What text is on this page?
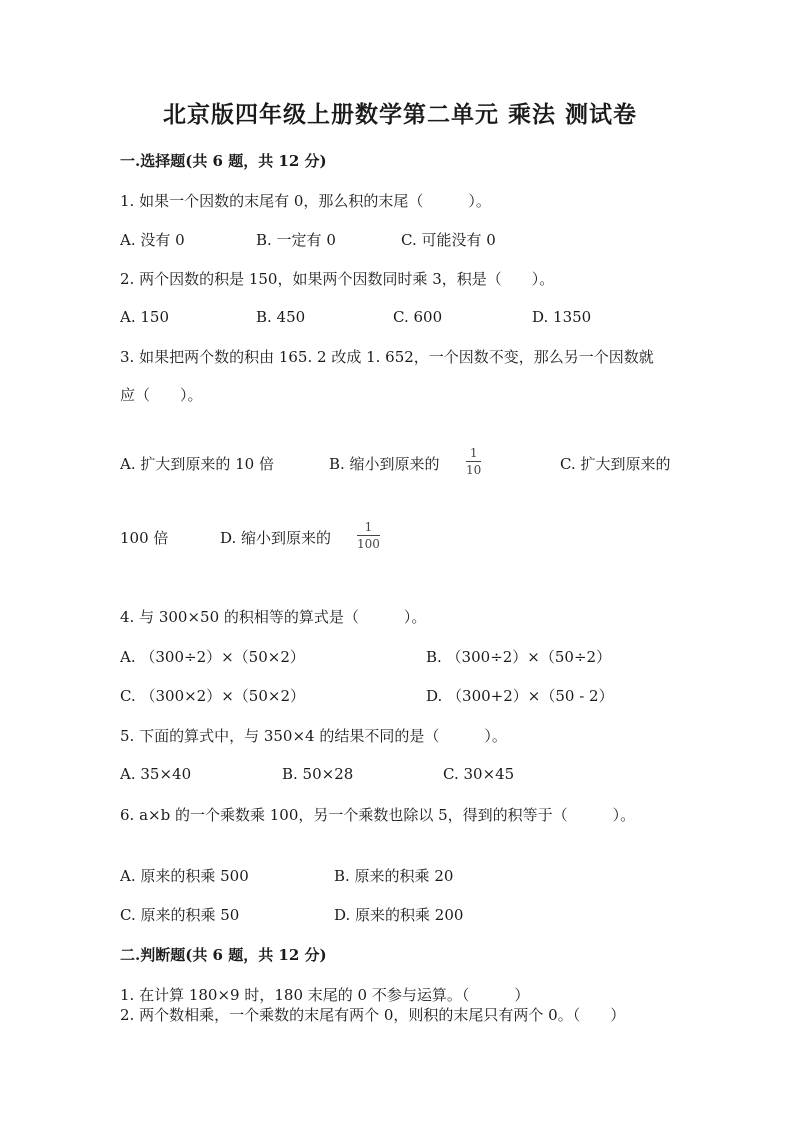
北京版四年级上册数学第二单元 乘法 测试卷
一.选择题(共 6 题，共 12 分)
1. 如果一个因数的末尾有 0，那么积的末尾（　　　）。
A. 没有 0	B. 一定有 0	C. 可能没有 0
2. 两个因数的积是 150，如果两个因数同时乘 3，积是（　　）。
A. 150	B. 450	C. 600	D. 1350
3. 如果把两个数的积由 165. 2 改成 1. 652，一个因数不变，那么另一个因数就
应（　　）。
A. 扩大到原来的 10 倍	B. 缩小到原来的
1
10	C. 扩大到原来的
100 倍	D. 缩小到原来的
1
100
4. 与 300×50 的积相等的算式是（　　　）。
A. （300÷2）×（50×2）	B. （300÷2）×（50÷2）
C. （300×2）×（50×2）	D. （300+2）×（50 - 2）
5. 下面的算式中，与 350×4 的结果不同的是（　　　）。
A. 35×40	B. 50×28	C. 30×45
6. a×b 的一个乘数乘 100，另一个乘数也除以 5，得到的积等于（　　　）。
A. 原来的积乘 500	B. 原来的积乘 20
C. 原来的积乘 50	D. 原来的积乘 200
二.判断题(共 6 题，共 12 分)
1. 在计算 180×9 时，180 末尾的 0 不参与运算。（　　　）
2. 两个数相乘，一个乘数的末尾有两个 0，则积的末尾只有两个 0。（　　）
